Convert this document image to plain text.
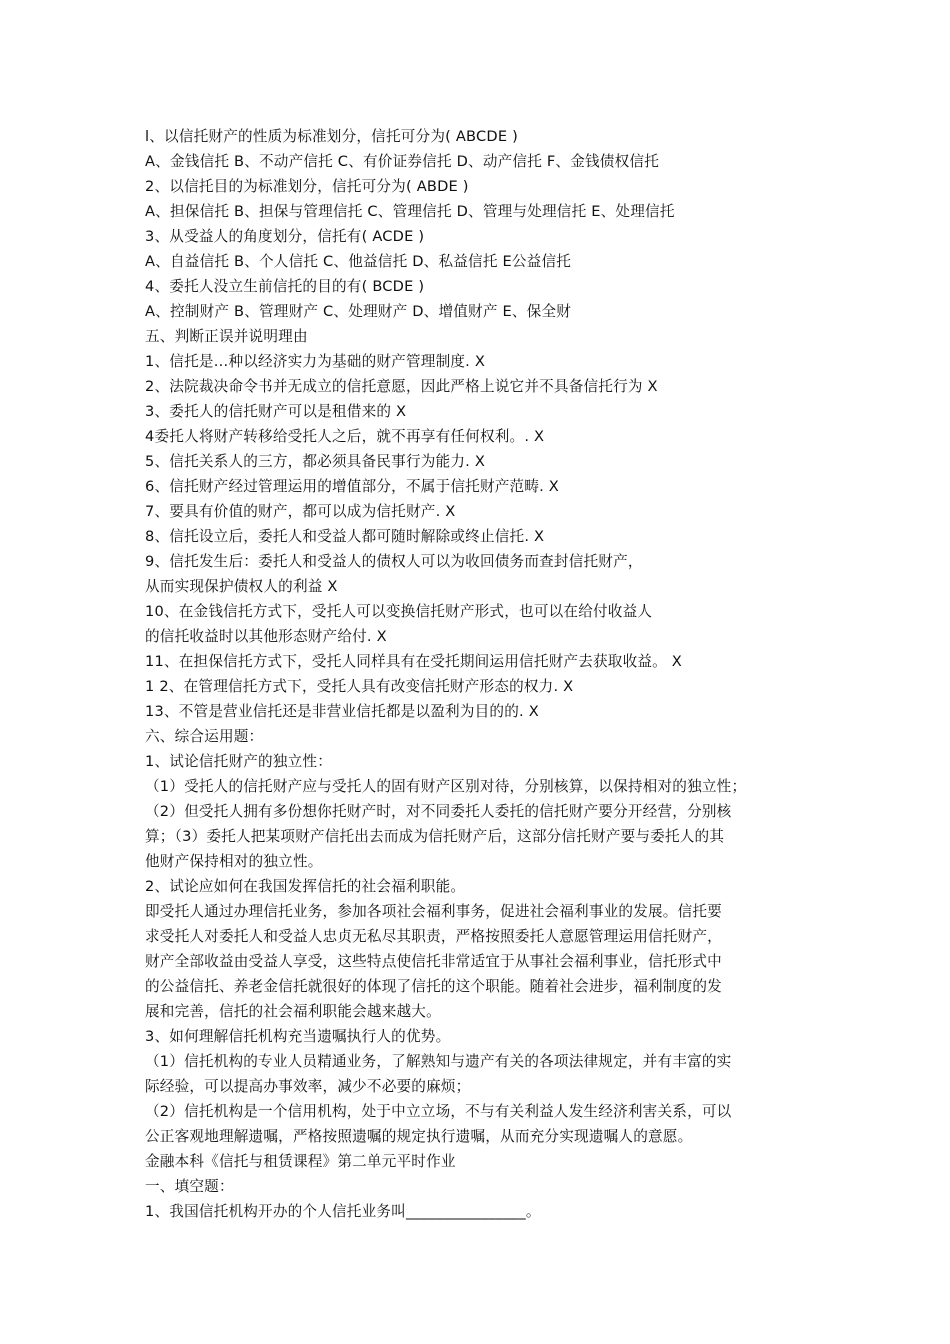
l、以信托财产的性质为标准划分，信托可分为( ABCDE )
A、金钱信托 B、不动产信托 C、有价证券信托 D、动产信托 F、金钱债权信托
2、以信托目的为标准划分，信托可分为( ABDE )
A、担保信托 B、担保与管理信托 C、管理信托 D、管理与处理信托 E、处理信托
3、从受益人的角度划分，信托有( ACDE )
A、自益信托 B、个人信托 C、他益信托 D、私益信托 E公益信托
4、委托人没立生前信托的目的有( BCDE )
A、控制财产 B、管理财产 C、处理财产 D、增值财产 E、保全财
五、判断正误并说明理由
1、信托是…种以经济实力为基础的财产管理制度. X
2、法院裁决命令书并无成立的信托意愿，因此严格上说它并不具备信托行为 X
3、委托人的信托财产可以是租借来的 X
4委托人将财产转移给受托人之后，就不再享有任何权利。. X
5、信托关系人的三方，都必须具备民事行为能力. X
6、信托财产经过管理运用的增值部分，不属于信托财产范畴. X
7、要具有价值的财产，都可以成为信托财产. X
8、信托设立后，委托人和受益人都可随时解除或终止信托. X
9、信托发生后：委托人和受益人的债权人可以为收回债务而查封信托财产，
从而实现保护债权人的利益 X
10、在金钱信托方式下，受托人可以变换信托财产形式，也可以在给付收益人
的信托收益时以其他形态财产给付. X
11、在担保信托方式下，受托人同样具有在受托期间运用信托财产去获取收益。 X
1 2、在管理信托方式下，受托人具有改变信托财产形态的权力. X
13、不管是营业信托还是非营业信托都是以盈利为目的的. X
六、综合运用题：
1、试论信托财产的独立性：
（1）受托人的信托财产应与受托人的固有财产区别对待，分别核算，以保持相对的独立性；
（2）但受托人拥有多份想你托财产时，对不同委托人委托的信托财产要分开经营，分别核
算；（3）委托人把某项财产信托出去而成为信托财产后，这部分信托财产要与委托人的其
他财产保持相对的独立性。
2、试论应如何在我国发挥信托的社会福利职能。
即受托人通过办理信托业务，参加各项社会福利事务，促进社会福利事业的发展。信托要
求受托人对委托人和受益人忠贞无私尽其职责，严格按照委托人意愿管理运用信托财产，
财产全部收益由受益人享受，这些特点使信托非常适宜于从事社会福利事业，信托形式中
的公益信托、养老金信托就很好的体现了信托的这个职能。随着社会进步，福利制度的发
展和完善，信托的社会福利职能会越来越大。
3、如何理解信托机构充当遗嘱执行人的优势。
（1）信托机构的专业人员精通业务，了解熟知与遗产有关的各项法律规定，并有丰富的实
际经验，可以提高办事效率，减少不必要的麻烦；
（2）信托机构是一个信用机构，处于中立立场，不与有关利益人发生经济利害关系，可以
公正客观地理解遗嘱，严格按照遗嘱的规定执行遗嘱，从而充分实现遗嘱人的意愿。
金融本科《信托与租赁课程》第二单元平时作业
一、填空题：
1、我国信托机构开办的个人信托业务叫________________。
